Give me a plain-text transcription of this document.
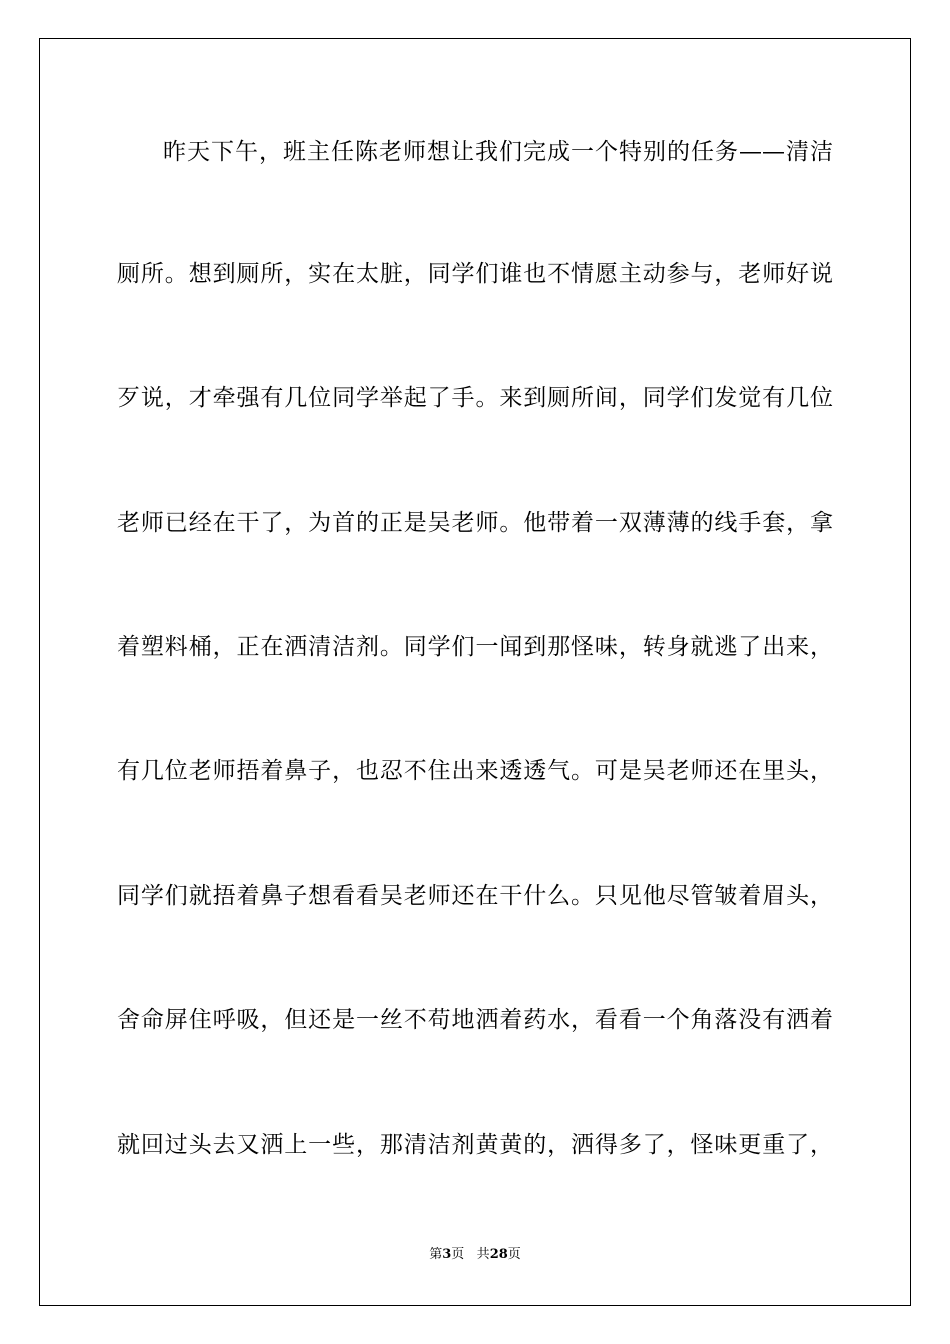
昨天下午，班主任陈老师想让我们完成一个特别的任务——清洁
厕所。想到厕所，实在太脏，同学们谁也不情愿主动参与，老师好说
歹说，才牵强有几位同学举起了手。来到厕所间，同学们发觉有几位
老师已经在干了，为首的正是吴老师。他带着一双薄薄的线手套，拿
着塑料桶，正在洒清洁剂。同学们一闻到那怪味，转身就逃了出来，
有几位老师捂着鼻子，也忍不住出来透透气。可是吴老师还在里头，
同学们就捂着鼻子想看看吴老师还在干什么。只见他尽管皱着眉头，
舍命屏住呼吸，但还是一丝不苟地洒着药水，看看一个角落没有洒着
就回过头去又洒上一些，那清洁剂黄黄的，洒得多了，怪味更重了，
第3页 共28页
